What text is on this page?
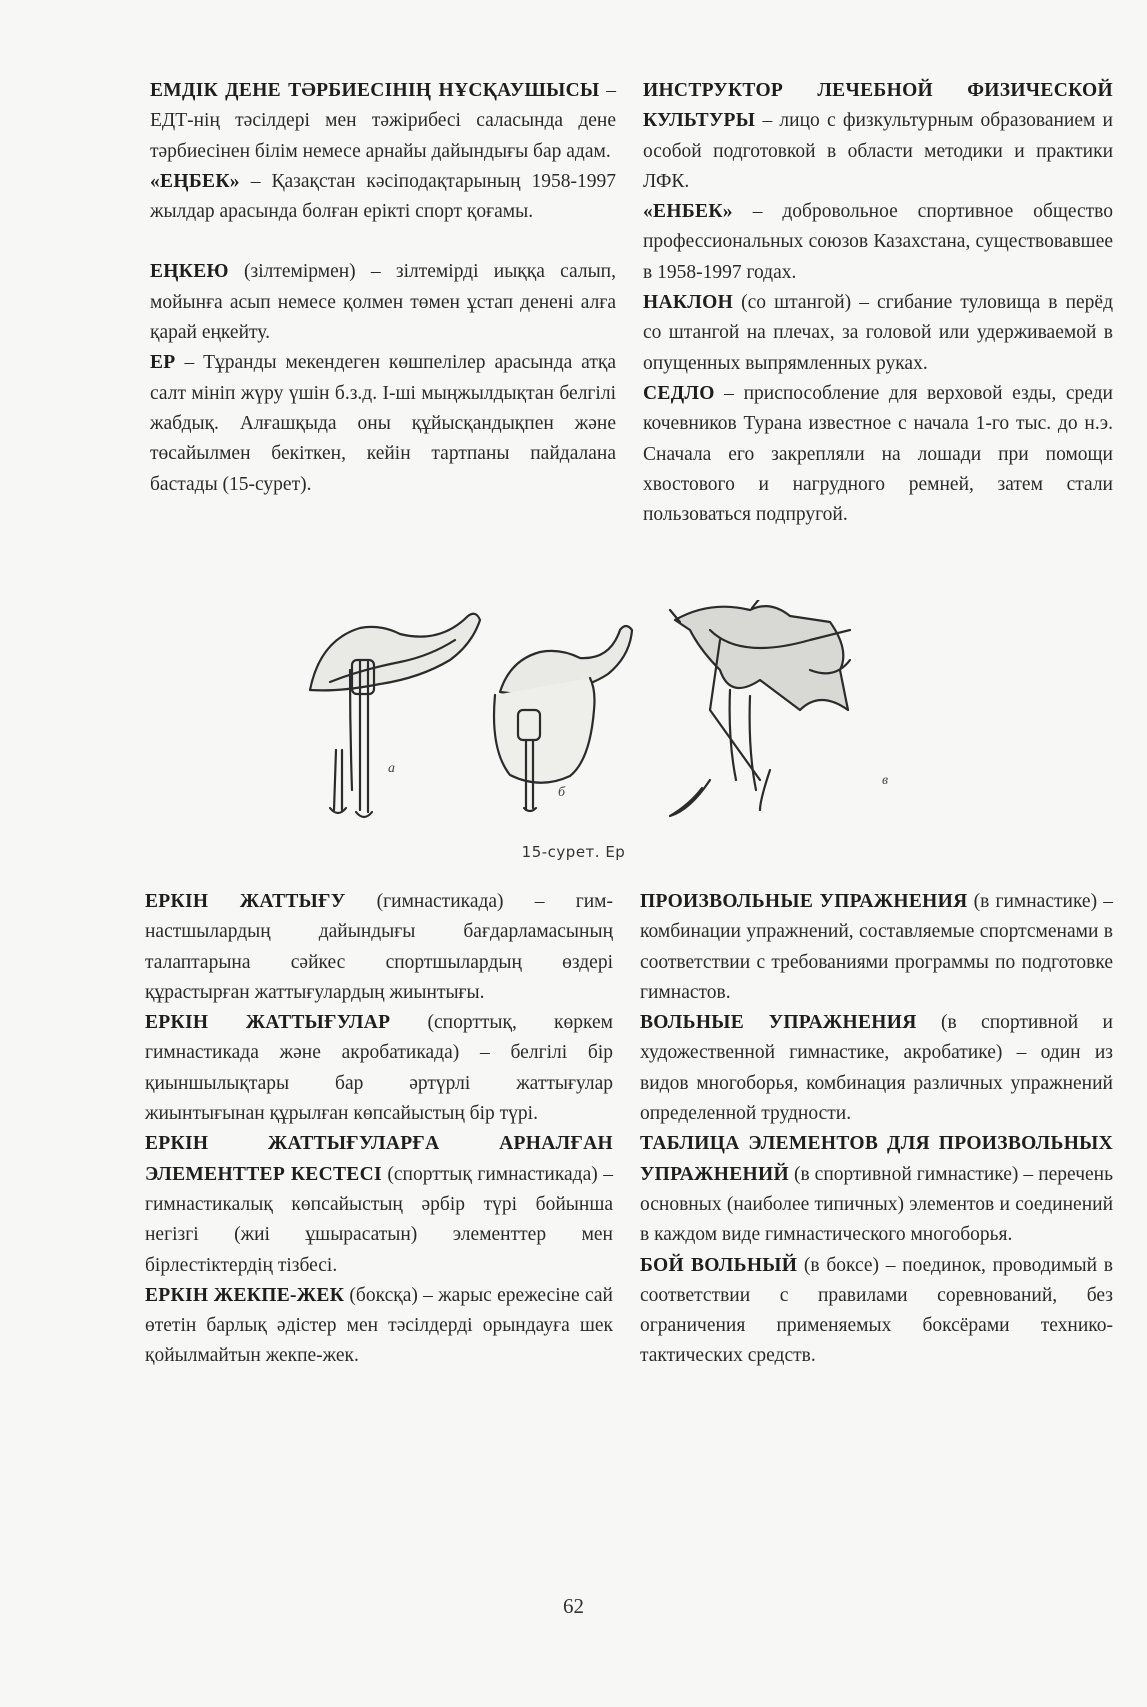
ЕМДІК ДЕНЕ ТӘРБИЕСІНІҢ НҰСҚАУШЫСЫ – ЕДТ-нің тәсілдері мен тәжірибесі саласында дене тәрбиесінен білім немесе арнайы дайындығы бар адам.

«ЕҢБЕК» – Қазақстан кәсіподақтарының 1958-1997 жылдар арасында болған ерікті спорт қоғамы.

ЕҢКЕЮ (зілтемірмен) – зілтемірді иыққа салып, мойынға асып немесе қолмен төмен ұстап денені алға қарай еңкейту.

ЕР – Тұранды мекендеген көшпелілер арасында атқа салт мініп жүру үшін б.з.д. І-ші мыңжылдықтан белгілі жабдық. Алғашқыда оны құйысқандықпен және төсайылмен бекіткен, кейін тартпаны пайдалана бастады (15-сурет).

ИНСТРУКТОР ЛЕЧЕБНОЙ ФИЗИЧЕСКОЙ КУЛЬТУРЫ – лицо с физкультурным образованием и особой подготовкой в области методики и практики ЛФК.

«ЕНБЕК» – добровольное спортивное общество профессиональных союзов Казахстана, существовавшее в 1958-1997 годах.

НАКЛОН (со штангой) – сгибание туловища в перёд со штангой на плечах, за головой или удерживаемой в опущенных выпрямленных руках.

СЕДЛО – приспособление для верховой езды, среди кочевников Турана известное с начала 1-го тыс. до н.э. Сначала его закрепляли на лошади при помощи хвостового и нагрудного ремней, затем стали пользоваться подпругой.

а
б
в
15-сурет. Ер

ЕРКІН ЖАТТЫҒУ (гимнастикада) – гимнастшылардың дайындығы бағдарламасының талаптарына сәйкес спортшылардың өздері құрастырған жаттығулардың жиынтығы.

ЕРКІН ЖАТТЫҒУЛАР (спорттық, көркем гимнастикада және акробатикада) – белгілі бір қиыншылықтары бар әртүрлі жаттығулар жиынтығынан құрылған көпсайыстың бір түрі.

ЕРКІН ЖАТТЫҒУЛАРҒА АРНАЛҒАН ЭЛЕМЕНТТЕР КЕСТЕСІ (спорттық гимнастикада) – гимнастикалық көпсайыстың әрбір түрі бойынша негізгі (жиі ұшырасатын) элементтер мен бірлестіктердің тізбесі.

ЕРКІН ЖЕКПЕ-ЖЕК (боксқа) – жарыс ережесіне сай өтетін барлық әдістер мен тәсілдерді орындауға шек қойылмайтын жекпе-жек.

ПРОИЗВОЛЬНЫЕ УПРАЖНЕНИЯ (в гимнастике) – комбинации упражнений, составляемые спортсменами в соответствии с требованиями программы по подготовке гимнастов.

ВОЛЬНЫЕ УПРАЖНЕНИЯ (в спортивной и художественной гимнастике, акробатике) – один из видов многоборья, комбинация различных упражнений определенной трудности.

ТАБЛИЦА ЭЛЕМЕНТОВ ДЛЯ ПРОИЗВОЛЬНЫХ УПРАЖНЕНИЙ (в спортивной гимнастике) – перечень основных (наиболее типичных) элементов и соединений в каждом виде гимнастического многоборья.

БОЙ ВОЛЬНЫЙ (в боксе) – поединок, проводимый в соответствии с правилами соревнований, без ограничения применяемых боксёрами технико-тактических средств.

62
